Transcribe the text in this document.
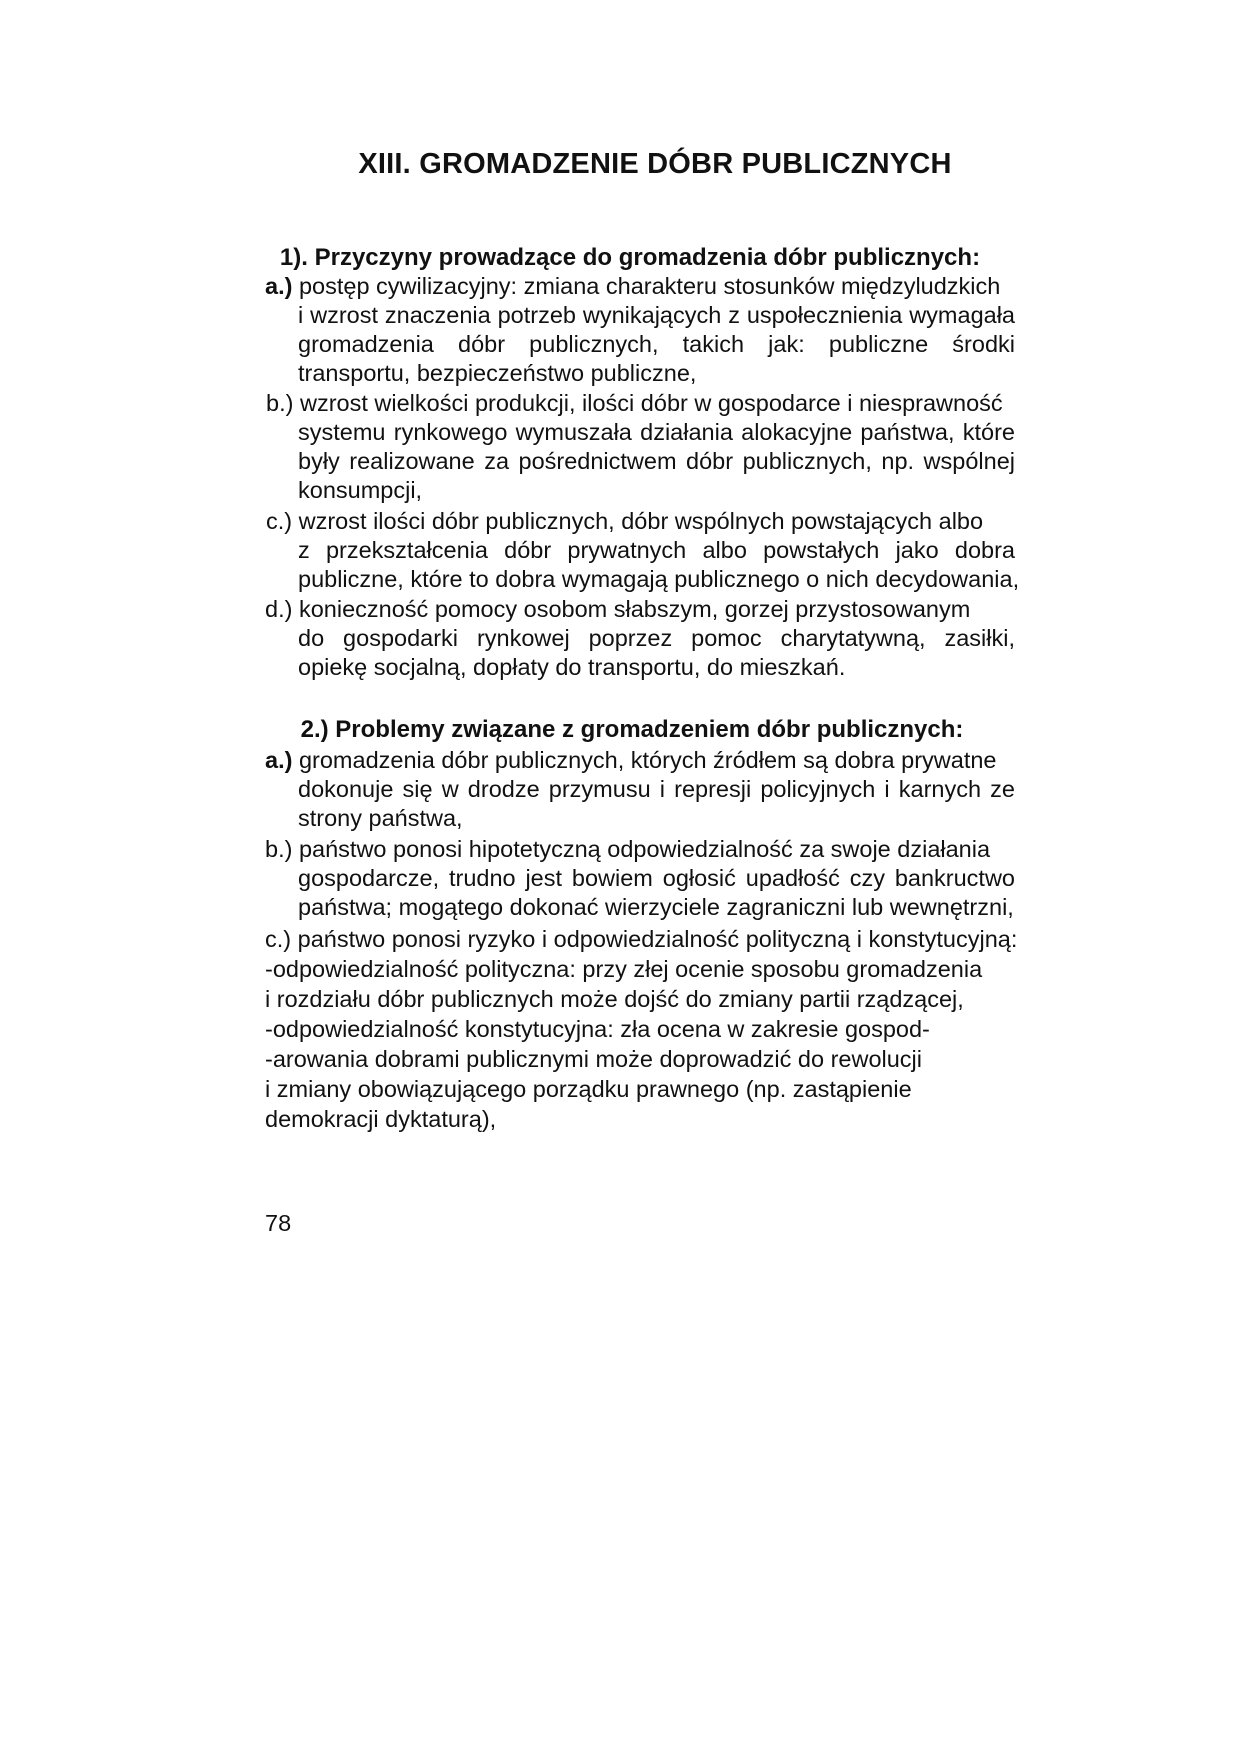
XIII. GROMADZENIE DÓBR PUBLICZNYCH
1). Przyczyny prowadzące do gromadzenia dóbr publicznych:
a.) postęp cywilizacyjny: zmiana charakteru stosunków międzyludzkich
i wzrost znaczenia potrzeb wynikających z uspołecznienia wymagała
gromadzenia dóbr publicznych, takich jak: publiczne środki
transportu, bezpieczeństwo publiczne,
b.) wzrost wielkości produkcji, ilości dóbr w gospodarce i niesprawność
systemu rynkowego wymuszała działania alokacyjne państwa, które
były realizowane za pośrednictwem dóbr publicznych, np. wspólnej
konsumpcji,
c.) wzrost ilości dóbr publicznych, dóbr wspólnych powstających albo
z przekształcenia dóbr prywatnych albo powstałych jako dobra
publiczne, które to dobra wymagają publicznego o nich decydowania,
d.) konieczność pomocy osobom słabszym, gorzej przystosowanym
do gospodarki rynkowej poprzez pomoc charytatywną, zasiłki,
opiekę socjalną, dopłaty do transportu, do mieszkań.
2.) Problemy związane z gromadzeniem dóbr publicznych:
a.) gromadzenia dóbr publicznych, których źródłem są dobra prywatne
dokonuje się w drodze przymusu i represji policyjnych i karnych ze
strony państwa,
b.) państwo ponosi hipotetyczną odpowiedzialność za swoje działania
gospodarcze, trudno jest bowiem ogłosić upadłość czy bankructwo
państwa; mogątego dokonać wierzyciele zagraniczni lub wewnętrzni,
c.) państwo ponosi ryzyko i odpowiedzialność polityczną i konstytucyjną:
-odpowiedzialność polityczna: przy złej ocenie sposobu gromadzenia
i rozdziału dóbr publicznych może dojść do zmiany partii rządzącej,
-odpowiedzialność konstytucyjna: zła ocena w zakresie gospod-
-arowania dobrami publicznymi może doprowadzić do rewolucji
i zmiany obowiązującego porządku prawnego (np. zastąpienie
demokracji dyktaturą),
78
